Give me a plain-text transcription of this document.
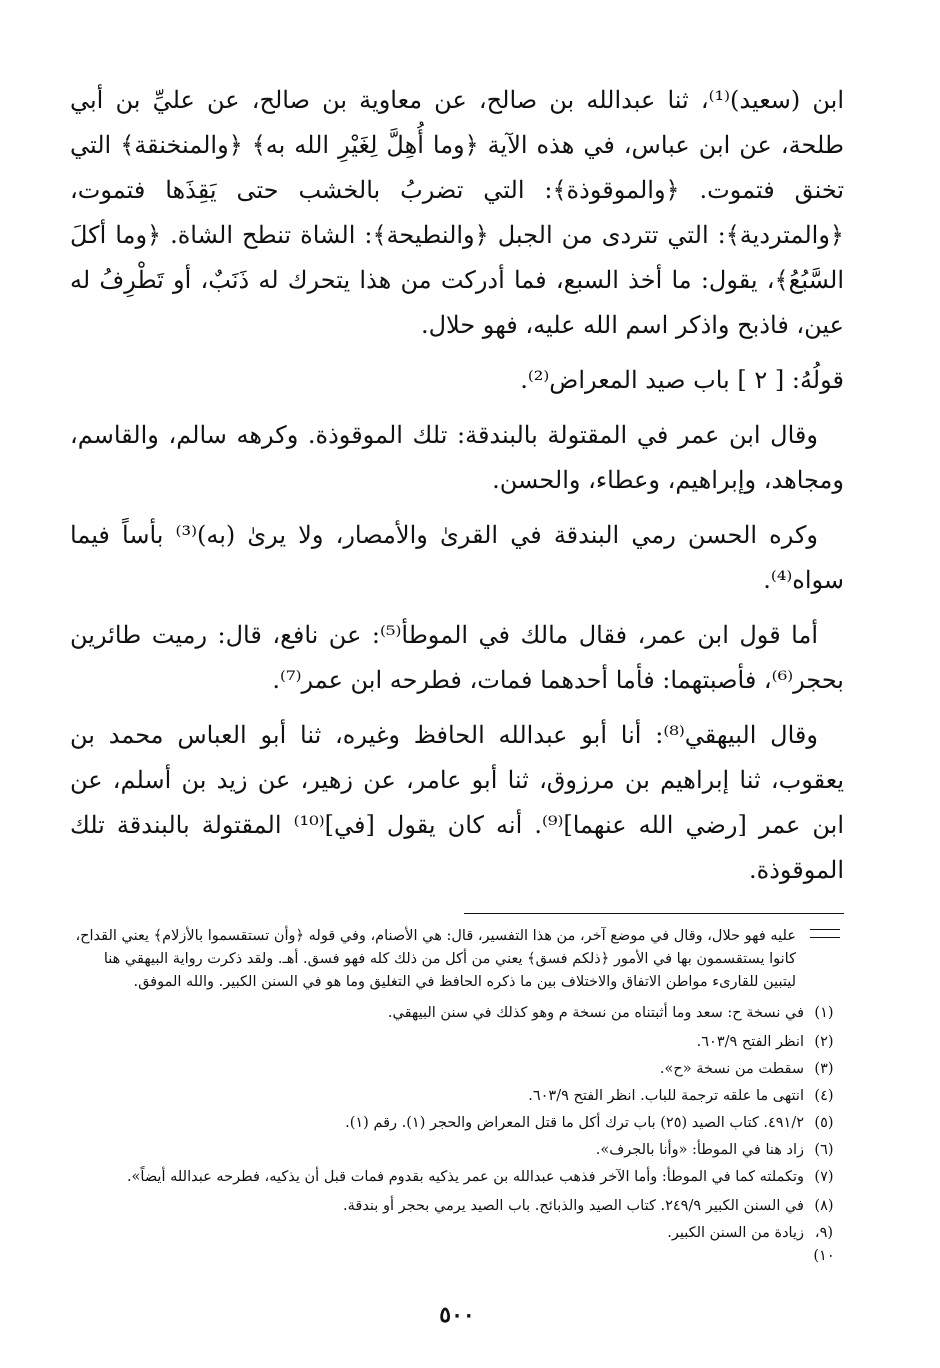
ابن (سعيد)⁽¹⁾، ثنا عبدالله بن صالح، عن معاوية بن صالح، عن عليِّ بن أبي طلحة، عن ابن عباس، في هذه الآية ﴿وما أُهِلَّ لِغَيْرِ الله به﴾ ﴿والمنخنقة﴾ التي تخنق فتموت. ﴿والموقوذة﴾: التي تضربُ بالخشب حتى يَقِذَها فتموت، ﴿والمتردية﴾: التي تتردى من الجبل ﴿والنطيحة﴾: الشاة تنطح الشاة. ﴿وما أكلَ السَّبُعُ﴾، يقول: ما أخذ السبع، فما أدركت من هذا يتحرك له ذَنَبٌ، أو تَطْرِفُ له عين، فاذبح واذكر اسم الله عليه، فهو حلال.

قولُهُ: [ ٢ ] باب صيد المعراض⁽²⁾.

وقال ابن عمر في المقتولة بالبندقة: تلك الموقوذة. وكرهه سالم، والقاسم، ومجاهد، وإبراهيم، وعطاء، والحسن.

وكره الحسن رمي البندقة في القرىٰ والأمصار، ولا يرىٰ (به)⁽³⁾ بأساً فيما سواه⁽⁴⁾.

أما قول ابن عمر، فقال مالك في الموطأ⁽⁵⁾: عن نافع، قال: رميت طائرين بحجر⁽⁶⁾، فأصبتهما: فأما أحدهما فمات، فطرحه ابن عمر⁽⁷⁾.

وقال البيهقي⁽⁸⁾: أنا أبو عبدالله الحافظ وغيره، ثنا أبو العباس محمد بن يعقوب، ثنا إبراهيم بن مرزوق، ثنا أبو عامر، عن زهير، عن زيد بن أسلم، عن ابن عمر [رضي الله عنهما]⁽⁹⁾. أنه كان يقول [في]⁽¹⁰⁾ المقتولة بالبندقة تلك الموقوذة.

عليه فهو حلال، وقال في موضع آخر، من هذا التفسير، قال: هي الأصنام، وفي قوله ﴿وأن تستقسموا بالأزلام﴾ يعني القداح، كانوا يستقسمون بها في الأمور ﴿ذلكم فسق﴾ يعني من أكل من ذلك كله فهو فسق. أهـ. ولقد ذكرت رواية البيهقي هنا ليتبين للقارىء مواطن الاتفاق والاختلاف بين ما ذكره الحافظ في التغليق وما هو في السنن الكبير. والله الموفق.
(١)
في نسخة ح: سعد وما أثبتناه من نسخة م وهو كذلك في سنن البيهقي.
(٢)
انظر الفتح ٦٠٣/٩.
(٣)
سقطت من نسخة «ح».
(٤)
انتهى ما علقه ترجمة للباب. انظر الفتح ٦٠٣/٩.
(٥)
٤٩١/٢. كتاب الصيد (٢٥) باب ترك أكل ما قتل المعراض والحجر (١). رقم (١).
(٦)
زاد هنا في الموطأ: «وأنا بالجرف».
(٧)
وتكملته كما في الموطأ: وأما الآخر فذهب عبدالله بن عمر يذكيه بقدوم فمات قبل أن يذكيه، فطرحه عبدالله أيضاً».
(٨)
في السنن الكبير ٢٤٩/٩. كتاب الصيد والذبائح. باب الصيد يرمي بحجر أو بندقة.
(٩، ١٠)
زيادة من السنن الكبير.
٥٠٠
